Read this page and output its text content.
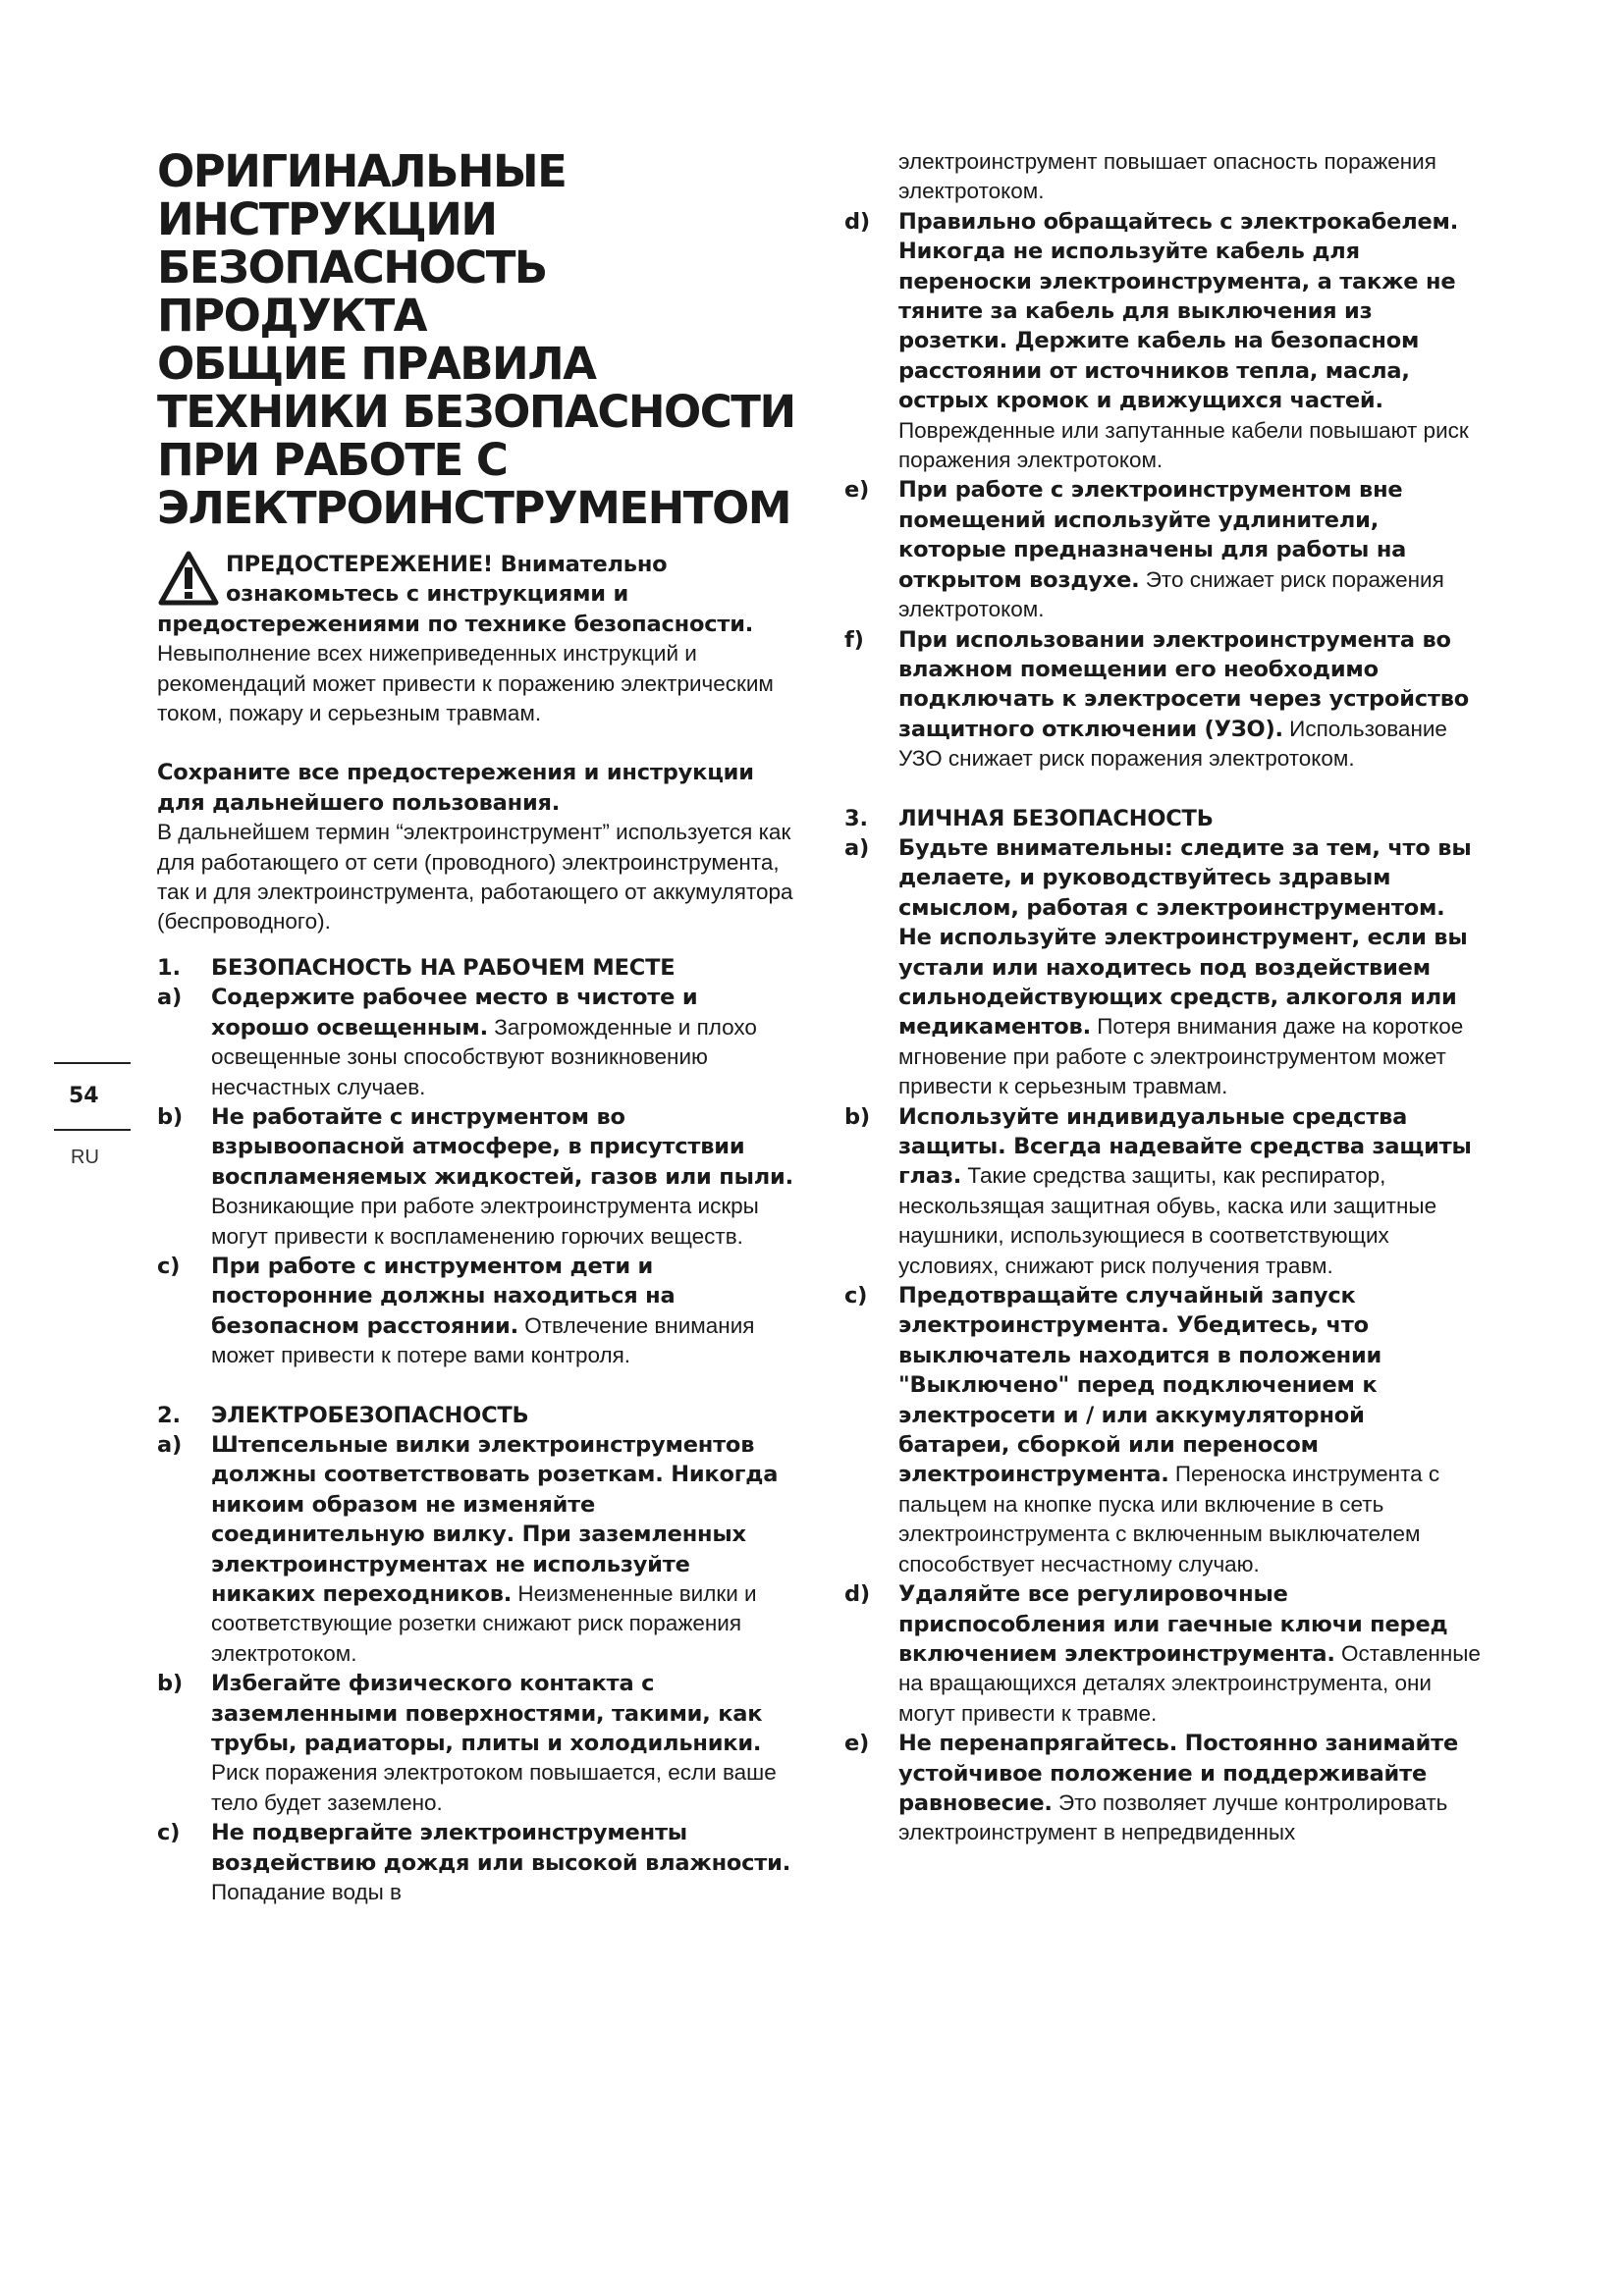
ОРИГИНАЛЬНЫЕ
ИНСТРУКЦИИ
БЕЗОПАСНОСТЬ
ПРОДУКТА
ОБЩИЕ ПРАВИЛА
ТЕХНИКИ БЕЗОПАСНОСТИ
ПРИ РАБОТЕ С
ЭЛЕКТРОИНСТРУМЕНТОМ

ПРЕДОСТЕРЕЖЕНИЕ! Внимательно ознакомьтесь с инструкциями и предостережениями по технике безопасности. Невыполнение всех нижеприведенных инструкций и рекомендаций может привести к поражению электрическим током, пожару и серьезным травмам.

Сохраните все предостережения и инструкции для дальнейшего пользования.
В дальнейшем термин “электроинструмент” используется как для работающего от сети (проводного) электроинструмента, так и для электроинструмента, работающего от аккумулятора (беспроводного).

1.	БЕЗОПАСНОСТЬ НА РАБОЧЕМ МЕСТЕ

a) Содержите рабочее место в чистоте и хорошо освещенным. Загроможденные и плохо освещенные зоны способствуют возникновению несчастных случаев.

b) Не работайте с инструментом во взрывоопасной атмосфере, в присутствии воспламеняемых жидкостей, газов или пыли. Возникающие при работе электроинструмента искры могут привести к воспламенению горючих веществ.

c) При работе с инструментом дети и посторонние должны находиться на безопасном расстоянии. Отвлечение внимания может привести к потере вами контроля.

2.	ЭЛЕКТРОБЕЗОПАСНОСТЬ

a) Штепсельные вилки электроинструментов должны соответствовать розеткам. Никогда никоим образом не изменяйте соединительную вилку. При заземленных электроинструментах не используйте никаких переходников. Неизмененные вилки и соответствующие розетки снижают риск поражения электротоком.

b) Избегайте физического контакта с заземленными поверхностями, такими, как трубы, радиаторы, плиты и холодильники. Риск поражения электротоком повышается, если ваше тело будет заземлено.

c) Не подвергайте электроинструменты воздействию дождя или высокой влажности. Попадание воды в

электроинструмент повышает опасность поражения электротоком.

d) Правильно обращайтесь с электрокабелем. Никогда не используйте кабель для переноски электроинструмента, а также не тяните за кабель для выключения из розетки. Держите кабель на безопасном расстоянии от источников тепла, масла, острых кромок и движущихся частей. Поврежденные или запутанные кабели повышают риск поражения электротоком.

e) При работе с электроинструментом вне помещений используйте удлинители, которые предназначены для работы на открытом воздухе. Это снижает риск поражения электротоком.

f) При использовании электроинструмента во влажном помещении его необходимо подключать к электросети через устройство защитного отключении (УЗО). Использование УЗО снижает риск поражения электротоком.

3.	ЛИЧНАЯ БЕЗОПАСНОСТЬ

a) Будьте внимательны: следите за тем, что вы делаете, и руководствуйтесь здравым смыслом, работая с электроинструментом. Не используйте электроинструмент, если вы устали или находитесь под воздействием сильнодействующих средств, алкоголя или медикаментов. Потеря внимания даже на короткое мгновение при работе с электроинструментом может привести к серьезным травмам.

b) Используйте индивидуальные средства защиты. Всегда надевайте средства защиты глаз. Такие средства защиты, как респиратор, нескользящая защитная обувь, каска или защитные наушники, использующиеся в соответствующих условиях, снижают риск получения травм.

c) Предотвращайте случайный запуск электроинструмента. Убедитесь, что выключатель находится в положении "Выключено" перед подключением к электросети и / или аккумуляторной батареи, сборкой или переносом электроинструмента. Переноска инструмента с пальцем на кнопке пуска или включение в сеть электроинструмента с включенным выключателем способствует несчастному случаю.

d) Удаляйте все регулировочные приспособления или гаечные ключи перед включением электроинструмента. Оставленные на вращающихся деталях электроинструмента, они могут привести к травме.

e) Не перенапрягайтесь. Постоянно занимайте устойчивое положение и поддерживайте равновесие. Это позволяет лучше контролировать электроинструмент в непредвиденных

54
RU
